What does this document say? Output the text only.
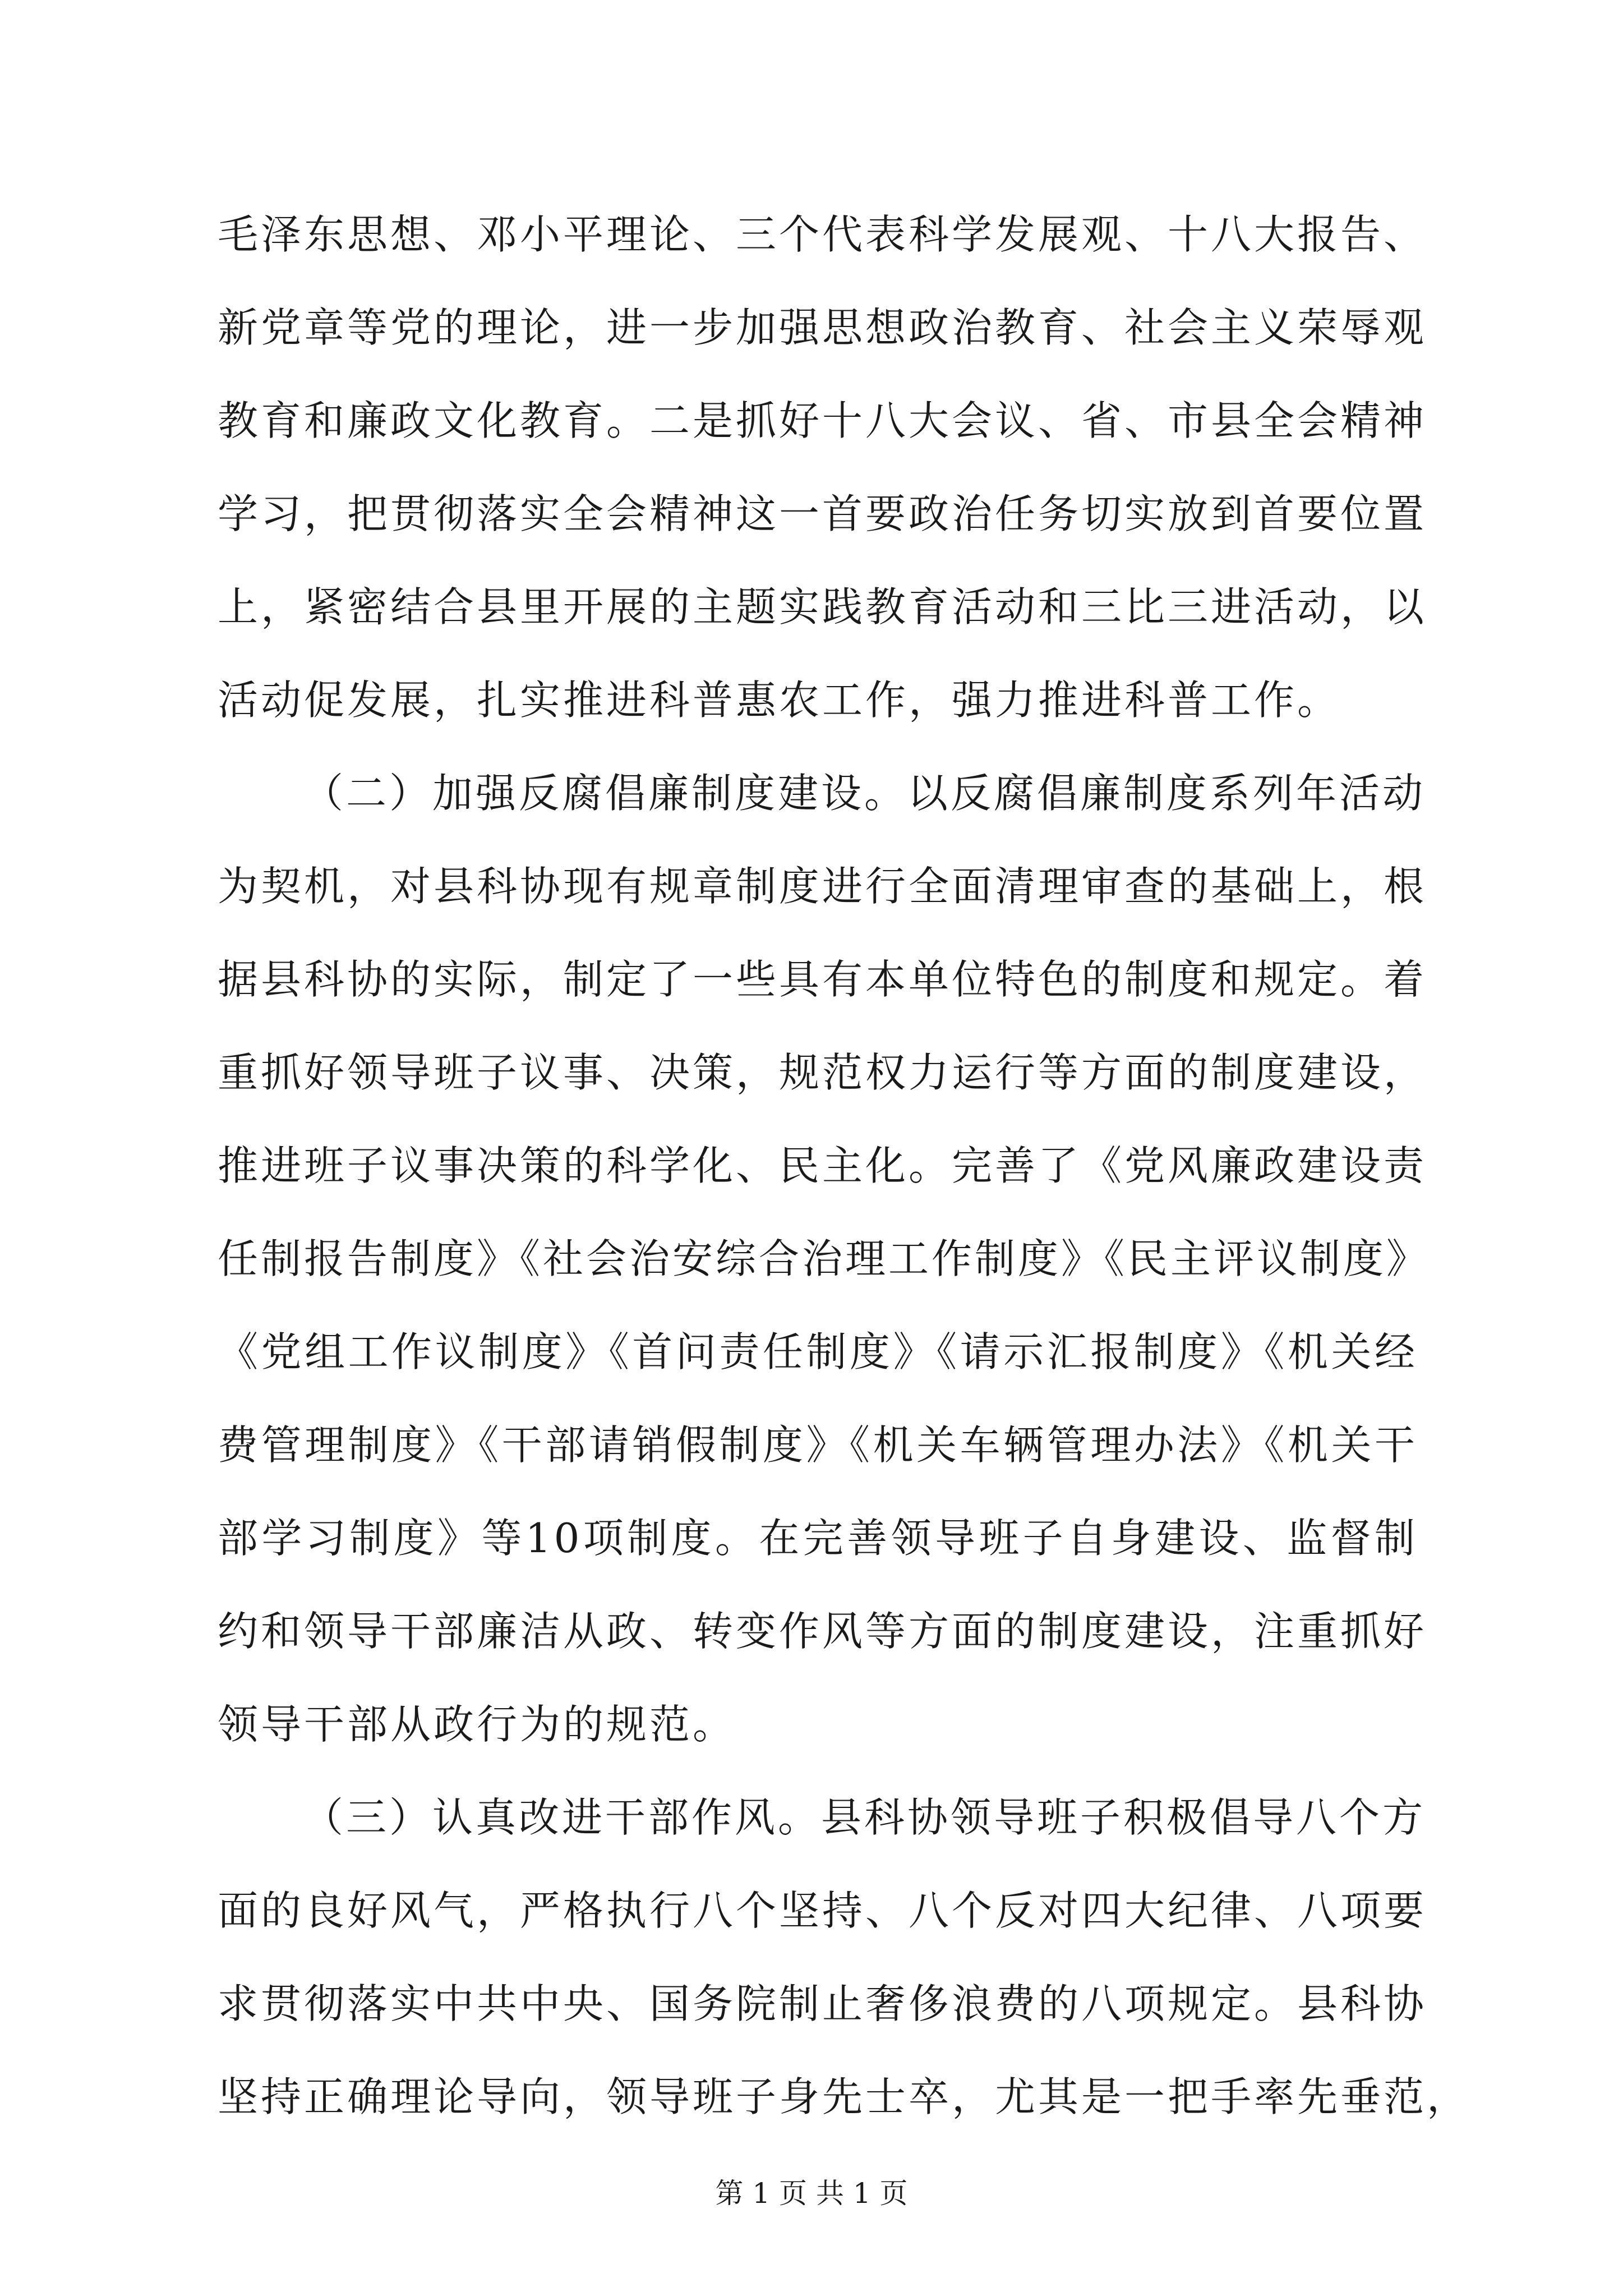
毛泽东思想、邓小平理论、三个代表科学发展观、十八大报告、
新党章等党的理论，进一步加强思想政治教育、社会主义荣辱观
教育和廉政文化教育。二是抓好十八大会议、省、市县全会精神
学习，把贯彻落实全会精神这一首要政治任务切实放到首要位置
上，紧密结合县里开展的主题实践教育活动和三比三进活动，以
活动促发展，扎实推进科普惠农工作，强力推进科普工作。
（二）加强反腐倡廉制度建设。以反腐倡廉制度系列年活动
为契机，对县科协现有规章制度进行全面清理审查的基础上，根
据县科协的实际，制定了一些具有本单位特色的制度和规定。着
重抓好领导班子议事、决策，规范权力运行等方面的制度建设，
推进班子议事决策的科学化、民主化。完善了《党风廉政建设责
任制报告制度》《社会治安综合治理工作制度》《民主评议制度》
《党组工作议制度》《首问责任制度》《请示汇报制度》《机关经
费管理制度》《干部请销假制度》《机关车辆管理办法》《机关干
部学习制度》等10项制度。在完善领导班子自身建设、监督制
约和领导干部廉洁从政、转变作风等方面的制度建设，注重抓好
领导干部从政行为的规范。
（三）认真改进干部作风。县科协领导班子积极倡导八个方
面的良好风气，严格执行八个坚持、八个反对四大纪律、八项要
求贯彻落实中共中央、国务院制止奢侈浪费的八项规定。县科协
坚持正确理论导向，领导班子身先士卒，尤其是一把手率先垂范，
第 1 页 共 1 页
